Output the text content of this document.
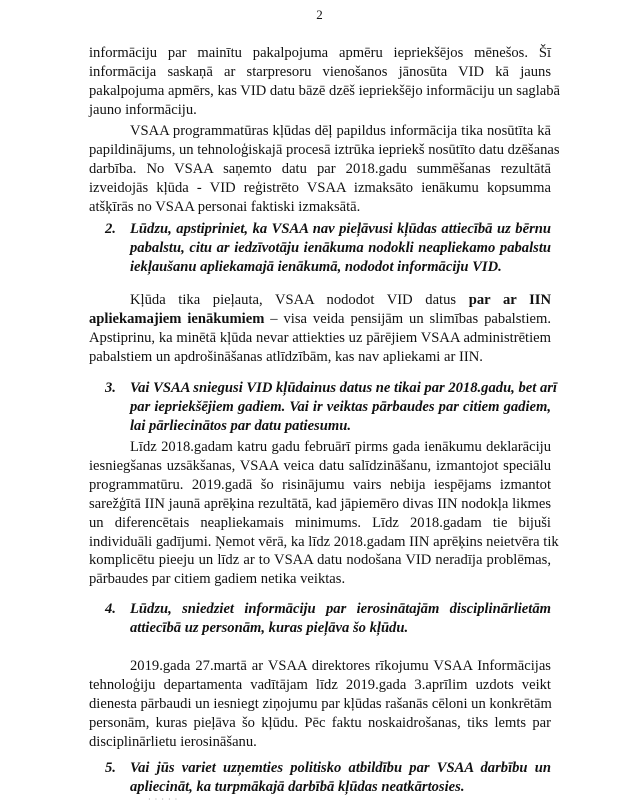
2
informāciju par mainītu pakalpojuma apmēru iepriekšējos mēnešos. Šī
informācija saskaņā ar starpresoru vienošanos jānosūta VID kā jauns
pakalpojuma apmērs, kas VID datu bāzē dzēš iepriekšējo informāciju un saglabā
jauno informāciju.
VSAA programmatūras kļūdas dēļ papildus informācija tika nosūtīta kā
papildinājums, un tehnoloģiskajā procesā iztrūka iepriekš nosūtīto datu dzēšanas
darbība. No VSAA saņemto datu par 2018.gadu summēšanas rezultātā
izveidojās kļūda - VID reģistrēto VSAA izmaksāto ienākumu kopsumma
atšķīrās no VSAA personai faktiski izmaksātā.
2. Lūdzu, apstipriniet, ka VSAA nav pieļāvusi kļūdas attiecībā uz bērnu
pabalstu, citu ar iedzīvotāju ienākuma nodokli neapliekamo pabalstu
iekļaušanu apliekamajā ienākumā, nododot informāciju VID.
Kļūda tika pieļauta, VSAA nododot VID datus par ar IIN
apliekamajiem ienākumiem – visa veida pensijām un slimības pabalstiem.
Apstiprinu, ka minētā kļūda nevar attiekties uz pārējiem VSAA administrētiem
pabalstiem un apdrošināšanas atlīdzībām, kas nav apliekami ar IIN.
3. Vai VSAA sniegusi VID kļūdainus datus ne tikai par 2018.gadu, bet arī
par iepriekšējiem gadiem. Vai ir veiktas pārbaudes par citiem gadiem,
lai pārliecinātos par datu patiesumu.
Līdz 2018.gadam katru gadu februārī pirms gada ienākumu deklarāciju
iesniegšanas uzsākšanas, VSAA veica datu salīdzināšanu, izmantojot speciālu
programmatūru. 2019.gadā šo risinājumu vairs nebija iespējams izmantot
sarežģītā IIN jaunā aprēķina rezultātā, kad jāpiemēro divas IIN nodokļa likmes
un diferencētais neapliekamais minimums. Līdz 2018.gadam tie bijuši
individuāli gadījumi. Ņemot vērā, ka līdz 2018.gadam IIN aprēķins neietvēra tik
komplicētu pieeju un līdz ar to VSAA datu nodošana VID neradīja problēmas,
pārbaudes par citiem gadiem netika veiktas.
4. Lūdzu, sniedziet informāciju par ierosinātajām disciplinārlietām
attiecībā uz personām, kuras pieļāva šo kļūdu.
2019.gada 27.martā ar VSAA direktores rīkojumu VSAA Informācijas
tehnoloģiju departamenta vadītājam līdz 2019.gada 3.aprīlim uzdots veikt
dienesta pārbaudi un iesniegt ziņojumu par kļūdas rašanās cēloni un konkrētām
personām, kuras pieļāva šo kļūdu. Pēc faktu noskaidrošanas, tiks lemts par
disciplinārlietu ierosināšanu.
5. Vai jūs variet uzņemties politisko atbildību par VSAA darbību un
apliecināt, ka turpmākajā darbībā kļūdas neatkārtosies.
· · · · ·
